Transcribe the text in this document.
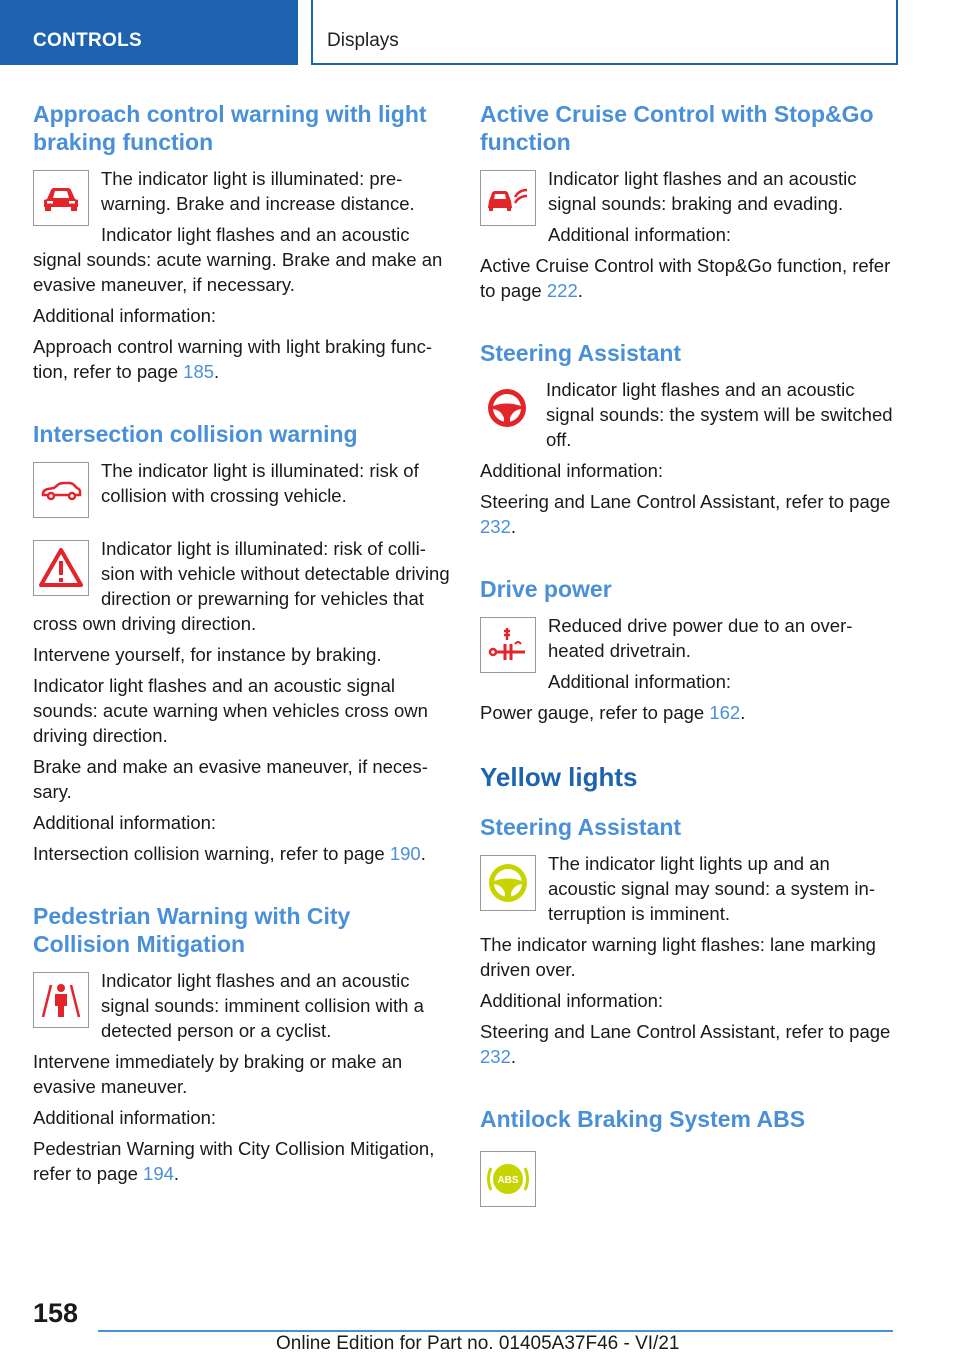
CONTROLS	Displays
Approach control warning with light braking function

The indicator light is illuminated: pre-warning. Brake and increase distance.

Indicator light flashes and an acoustic signal sounds: acute warning. Brake and make an evasive maneuver, if necessary.

Additional information:

Approach control warning with light braking function, refer to page 185.

Intersection collision warning

The indicator light is illuminated: risk of collision with crossing vehicle.

Indicator light is illuminated: risk of collision with vehicle without detectable driving direction or prewarning for vehicles that cross own driving direction.

Intervene yourself, for instance by braking.

Indicator light flashes and an acoustic signal sounds: acute warning when vehicles cross own driving direction.

Brake and make an evasive maneuver, if necessary.

Additional information:

Intersection collision warning, refer to page 190.

Pedestrian Warning with City Collision Mitigation

Indicator light flashes and an acoustic signal sounds: imminent collision with a detected person or a cyclist.

Intervene immediately by braking or make an evasive maneuver.

Additional information:

Pedestrian Warning with City Collision Mitigation, refer to page 194.

Active Cruise Control with Stop&Go function

Indicator light flashes and an acoustic signal sounds: braking and evading.

Additional information:

Active Cruise Control with Stop&Go function, refer to page 222.

Steering Assistant

Indicator light flashes and an acoustic signal sounds: the system will be switched off.

Additional information:

Steering and Lane Control Assistant, refer to page 232.

Drive power

Reduced drive power due to an overheated drivetrain.

Additional information:

Power gauge, refer to page 162.

Yellow lights
Steering Assistant

The indicator light lights up and an acoustic signal may sound: a system interruption is imminent.

The indicator warning light flashes: lane marking driven over.

Additional information:

Steering and Lane Control Assistant, refer to page 232.

Antilock Braking System ABS
ABS
158
Online Edition for Part no. 01405A37F46 - VI/21
